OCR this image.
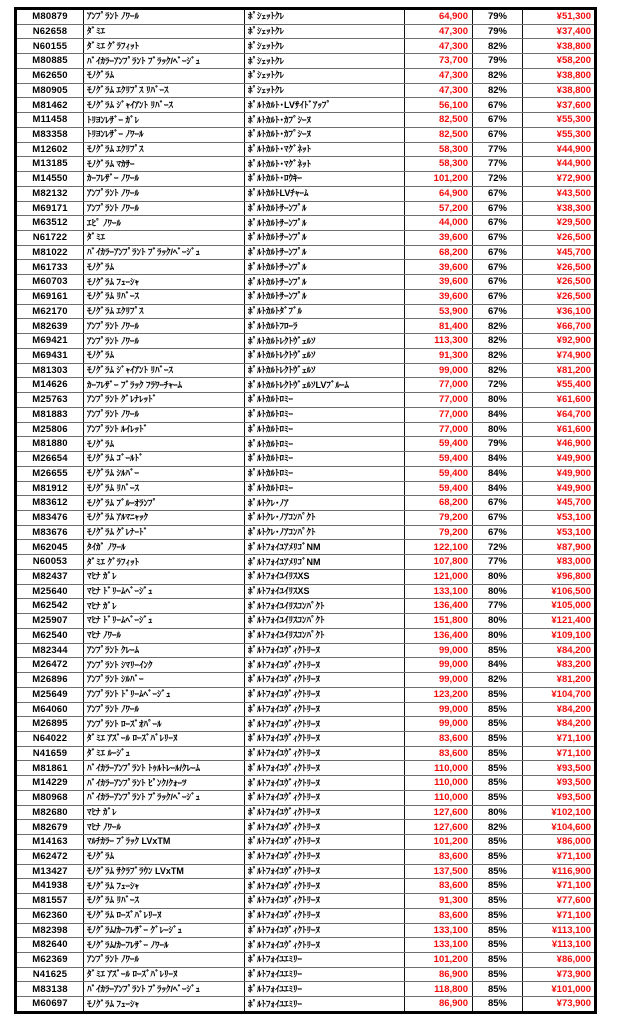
M80879	ｱﾝﾌﾟﾗﾝﾄ ﾉﾜｰﾙ	ﾎﾟｼｪｯﾄｸﾚ	64,900	79%	¥51,300
N62658	ﾀﾞﾐｴ	ﾎﾟｼｪｯﾄｸﾚ	47,300	79%	¥37,400
N60155	ﾀﾞﾐｴ ｸﾞﾗﾌｨｯﾄ	ﾎﾟｼｪｯﾄｸﾚ	47,300	82%	¥38,800
M80885	ﾊﾞｲｶﾗｰｱﾝﾌﾟﾗﾝﾄ ﾌﾞﾗｯｸ/ﾍﾞｰｼﾞｭ	ﾎﾟｼｪｯﾄｸﾚ	73,700	79%	¥58,200
M62650	ﾓﾉｸﾞﾗﾑ	ﾎﾟｼｪｯﾄｸﾚ	47,300	82%	¥38,800
M80905	ﾓﾉｸﾞﾗﾑ ｴｸﾘﾌﾟｽ ﾘﾊﾞｰｽ	ﾎﾟｼｪｯﾄｸﾚ	47,300	82%	¥38,800
M81462	ﾓﾉｸﾞﾗﾑ ｼﾞｬｲｱﾝﾄ ﾘﾊﾞｰｽ	ﾎﾟﾙﾄｶﾙﾄ･LVｻｲﾄﾞｱｯﾌﾟ	56,100	67%	¥37,600
M11458	ﾄﾘﾖﾝﾚｻﾞｰ ｶﾞﾚ	ﾎﾟﾙﾄｶﾙﾄ･ｶﾌﾟｼｰﾇ	82,500	67%	¥55,300
M83358	ﾄﾘﾖﾝﾚｻﾞｰ ﾉﾜｰﾙ	ﾎﾟﾙﾄｶﾙﾄ･ｶﾌﾟｼｰﾇ	82,500	67%	¥55,300
M12602	ﾓﾉｸﾞﾗﾑ ｴｸﾘﾌﾟｽ	ﾎﾟﾙﾄｶﾙﾄ･ﾏｸﾞﾈｯﾄ	58,300	77%	¥44,900
M13185	ﾓﾉｸﾞﾗﾑ ﾏｶｻｰ	ﾎﾟﾙﾄｶﾙﾄ･ﾏｸﾞﾈｯﾄ	58,300	77%	¥44,900
M14550	ｶｰﾌﾚｻﾞｰ ﾉﾜｰﾙ	ﾎﾟﾙﾄｶﾙﾄ･ﾛｳｷｰ	101,200	72%	¥72,900
M82132	ｱﾝﾌﾟﾗﾝﾄ ﾉﾜｰﾙ	ﾎﾟﾙﾄｶﾙﾄLVﾁｬｰﾑ	64,900	67%	¥43,500
M69171	ｱﾝﾌﾟﾗﾝﾄ ﾉﾜｰﾙ	ﾎﾟﾙﾄｶﾙﾄｻｰﾝﾌﾟﾙ	57,200	67%	¥38,300
M63512	ｴﾋﾟ ﾉﾜｰﾙ	ﾎﾟﾙﾄｶﾙﾄｻｰﾝﾌﾟﾙ	44,000	67%	¥29,500
N61722	ﾀﾞﾐｴ	ﾎﾟﾙﾄｶﾙﾄｻｰﾝﾌﾟﾙ	39,600	67%	¥26,500
M81022	ﾊﾞｲｶﾗｰｱﾝﾌﾟﾗﾝﾄ ﾌﾞﾗｯｸ/ﾍﾞｰｼﾞｭ	ﾎﾟﾙﾄｶﾙﾄｻｰﾝﾌﾟﾙ	68,200	67%	¥45,700
M61733	ﾓﾉｸﾞﾗﾑ	ﾎﾟﾙﾄｶﾙﾄｻｰﾝﾌﾟﾙ	39,600	67%	¥26,500
M60703	ﾓﾉｸﾞﾗﾑ ﾌｭｰｼｬ	ﾎﾟﾙﾄｶﾙﾄｻｰﾝﾌﾟﾙ	39,600	67%	¥26,500
M69161	ﾓﾉｸﾞﾗﾑ ﾘﾊﾞｰｽ	ﾎﾟﾙﾄｶﾙﾄｻｰﾝﾌﾟﾙ	39,600	67%	¥26,500
M62170	ﾓﾉｸﾞﾗﾑ ｴｸﾘﾌﾟｽ	ﾎﾟﾙﾄｶﾙﾄﾀﾞﾌﾞﾙ	53,900	67%	¥36,100
M82639	ｱﾝﾌﾟﾗﾝﾄ ﾉﾜｰﾙ	ﾎﾟﾙﾄｶﾙﾄﾌﾛｰﾗ	81,400	82%	¥66,700
M69421	ｱﾝﾌﾟﾗﾝﾄ ﾉﾜｰﾙ	ﾎﾟﾙﾄｶﾙﾄﾚｸﾄｳﾞｪﾙｿ	113,300	82%	¥92,900
M69431	ﾓﾉｸﾞﾗﾑ	ﾎﾟﾙﾄｶﾙﾄﾚｸﾄｳﾞｪﾙｿ	91,300	82%	¥74,900
M81303	ﾓﾉｸﾞﾗﾑ ｼﾞｬｲｱﾝﾄ ﾘﾊﾞｰｽ	ﾎﾟﾙﾄｶﾙﾄﾚｸﾄｳﾞｪﾙｿ	99,000	82%	¥81,200
M14626	ｶｰﾌﾚｻﾞｰ ﾌﾞﾗｯｸ ﾌﾗﾜｰﾁｬｰﾑ	ﾎﾟﾙﾄｶﾙﾄﾚｸﾄｳﾞｪﾙｿLVﾌﾞﾙｰﾑ	77,000	72%	¥55,400
M25763	ｱﾝﾌﾟﾗﾝﾄ ｸﾞﾚﾅﾚｯﾄﾞ	ﾎﾟﾙﾄｶﾙﾄﾛﾐｰ	77,000	80%	¥61,600
M81883	ｱﾝﾌﾟﾗﾝﾄ ﾉﾜｰﾙ	ﾎﾟﾙﾄｶﾙﾄﾛﾐｰ	77,000	84%	¥64,700
M25806	ｱﾝﾌﾟﾗﾝﾄ ﾙｲﾚｯﾄﾞ	ﾎﾟﾙﾄｶﾙﾄﾛﾐｰ	77,000	80%	¥61,600
M81880	ﾓﾉｸﾞﾗﾑ	ﾎﾟﾙﾄｶﾙﾄﾛﾐｰ	59,400	79%	¥46,900
M26654	ﾓﾉｸﾞﾗﾑ ｺﾞｰﾙﾄﾞ	ﾎﾟﾙﾄｶﾙﾄﾛﾐｰ	59,400	84%	¥49,900
M26655	ﾓﾉｸﾞﾗﾑ ｼﾙﾊﾞｰ	ﾎﾟﾙﾄｶﾙﾄﾛﾐｰ	59,400	84%	¥49,900
M81912	ﾓﾉｸﾞﾗﾑ ﾘﾊﾞｰｽ	ﾎﾟﾙﾄｶﾙﾄﾛﾐｰ	59,400	84%	¥49,900
M83612	ﾓﾉｸﾞﾗﾑ ﾌﾞﾙｰｵﾗﾝﾌﾟ	ﾎﾟﾙﾄｸﾚ･ﾉｱ	68,200	67%	¥45,700
M83476	ﾓﾉｸﾞﾗﾑ ｱﾙﾏﾆｬｯｸ	ﾎﾟﾙﾄｸﾚ･ﾉｱｺﾝﾊﾟｸﾄ	79,200	67%	¥53,100
M83676	ﾓﾉｸﾞﾗﾑ ｸﾞﾚﾅｰﾄﾞ	ﾎﾟﾙﾄｸﾚ･ﾉｱｺﾝﾊﾟｸﾄ	79,200	67%	¥53,100
M62045	ﾀｲｶﾞ ﾉﾜｰﾙ	ﾎﾟﾙﾄﾌｫｲﾕｱﾒﾘｺﾞNM	122,100	72%	¥87,900
N60053	ﾀﾞﾐｴ ｸﾞﾗﾌｨｯﾄ	ﾎﾟﾙﾄﾌｫｲﾕｱﾒﾘｺﾞNM	107,800	77%	¥83,000
M82437	ﾏﾋﾅ ｶﾞﾚ	ﾎﾟﾙﾄﾌｫｲﾕｲﾘｽXS	121,000	80%	¥96,800
M25640	ﾏﾋﾅ ﾄﾞﾘｰﾑﾍﾞｰｼﾞｭ	ﾎﾟﾙﾄﾌｫｲﾕｲﾘｽXS	133,100	80%	¥106,500
M62542	ﾏﾋﾅ ｶﾞﾚ	ﾎﾟﾙﾄﾌｫｲﾕｲﾘｽｺﾝﾊﾟｸﾄ	136,400	77%	¥105,000
M25907	ﾏﾋﾅ ﾄﾞﾘｰﾑﾍﾞｰｼﾞｭ	ﾎﾟﾙﾄﾌｫｲﾕｲﾘｽｺﾝﾊﾟｸﾄ	151,800	80%	¥121,400
M62540	ﾏﾋﾅ ﾉﾜｰﾙ	ﾎﾟﾙﾄﾌｫｲﾕｲﾘｽｺﾝﾊﾟｸﾄ	136,400	80%	¥109,100
M82344	ｱﾝﾌﾟﾗﾝﾄ ｸﾚｰﾑ	ﾎﾟﾙﾄﾌｫｲﾕｳﾞｨｸﾄﾘｰﾇ	99,000	85%	¥84,200
M26472	ｱﾝﾌﾟﾗﾝﾄ ｼﾏﾘｰｲﾝｸ	ﾎﾟﾙﾄﾌｫｲﾕｳﾞｨｸﾄﾘｰﾇ	99,000	84%	¥83,200
M26896	ｱﾝﾌﾟﾗﾝﾄ ｼﾙﾊﾞｰ	ﾎﾟﾙﾄﾌｫｲﾕｳﾞｨｸﾄﾘｰﾇ	99,000	82%	¥81,200
M25649	ｱﾝﾌﾟﾗﾝﾄ ﾄﾞﾘｰﾑﾍﾞｰｼﾞｭ	ﾎﾟﾙﾄﾌｫｲﾕｳﾞｨｸﾄﾘｰﾇ	123,200	85%	¥104,700
M64060	ｱﾝﾌﾟﾗﾝﾄ ﾉﾜｰﾙ	ﾎﾟﾙﾄﾌｫｲﾕｳﾞｨｸﾄﾘｰﾇ	99,000	85%	¥84,200
M26895	ｱﾝﾌﾟﾗﾝﾄ ﾛｰｽﾞｵﾊﾟｰﾙ	ﾎﾟﾙﾄﾌｫｲﾕｳﾞｨｸﾄﾘｰﾇ	99,000	85%	¥84,200
N64022	ﾀﾞﾐｴ ｱｽﾞｰﾙ ﾛｰｽﾞﾊﾞﾚﾘｰﾇ	ﾎﾟﾙﾄﾌｫｲﾕｳﾞｨｸﾄﾘｰﾇ	83,600	85%	¥71,100
N41659	ﾀﾞﾐｴ ﾙｰｼﾞｭ	ﾎﾟﾙﾄﾌｫｲﾕｳﾞｨｸﾄﾘｰﾇ	83,600	85%	¥71,100
M81861	ﾊﾞｲｶﾗｰｱﾝﾌﾟﾗﾝﾄ ﾄｩﾙﾄﾚｰﾙ/ｸﾚｰﾑ	ﾎﾟﾙﾄﾌｫｲﾕｳﾞｨｸﾄﾘｰﾇ	110,000	85%	¥93,500
M14229	ﾊﾞｲｶﾗｰｱﾝﾌﾟﾗﾝﾄ ﾋﾟﾝｸ/ｸｫｰﾂ	ﾎﾟﾙﾄﾌｫｲﾕｳﾞｨｸﾄﾘｰﾇ	110,000	85%	¥93,500
M80968	ﾊﾞｲｶﾗｰｱﾝﾌﾟﾗﾝﾄ ﾌﾞﾗｯｸ/ﾍﾞｰｼﾞｭ	ﾎﾟﾙﾄﾌｫｲﾕｳﾞｨｸﾄﾘｰﾇ	110,000	85%	¥93,500
M82680	ﾏﾋﾅ ｶﾞﾚ	ﾎﾟﾙﾄﾌｫｲﾕｳﾞｨｸﾄﾘｰﾇ	127,600	80%	¥102,100
M82679	ﾏﾋﾅ ﾉﾜｰﾙ	ﾎﾟﾙﾄﾌｫｲﾕｳﾞｨｸﾄﾘｰﾇ	127,600	82%	¥104,600
M14163	ﾏﾙﾁｶﾗｰ ﾌﾞﾗｯｸ LVxTM	ﾎﾟﾙﾄﾌｫｲﾕｳﾞｨｸﾄﾘｰﾇ	101,200	85%	¥86,000
M62472	ﾓﾉｸﾞﾗﾑ	ﾎﾟﾙﾄﾌｫｲﾕｳﾞｨｸﾄﾘｰﾇ	83,600	85%	¥71,100
M13427	ﾓﾉｸﾞﾗﾑ ｻｸﾗﾌﾞﾗｳﾝ LVxTM	ﾎﾟﾙﾄﾌｫｲﾕｳﾞｨｸﾄﾘｰﾇ	137,500	85%	¥116,900
M41938	ﾓﾉｸﾞﾗﾑ ﾌｭｰｼｬ	ﾎﾟﾙﾄﾌｫｲﾕｳﾞｨｸﾄﾘｰﾇ	83,600	85%	¥71,100
M81557	ﾓﾉｸﾞﾗﾑ ﾘﾊﾞｰｽ	ﾎﾟﾙﾄﾌｫｲﾕｳﾞｨｸﾄﾘｰﾇ	91,300	85%	¥77,600
M62360	ﾓﾉｸﾞﾗﾑ ﾛｰｽﾞﾊﾞﾚﾘｰﾇ	ﾎﾟﾙﾄﾌｫｲﾕｳﾞｨｸﾄﾘｰﾇ	83,600	85%	¥71,100
M82398	ﾓﾉｸﾞﾗﾑ/ｶｰﾌﾚｻﾞｰ ｸﾞﾚｰｼﾞｭ	ﾎﾟﾙﾄﾌｫｲﾕｳﾞｨｸﾄﾘｰﾇ	133,100	85%	¥113,100
M82640	ﾓﾉｸﾞﾗﾑ/ｶｰﾌﾚｻﾞｰ ﾉﾜｰﾙ	ﾎﾟﾙﾄﾌｫｲﾕｳﾞｨｸﾄﾘｰﾇ	133,100	85%	¥113,100
M62369	ｱﾝﾌﾟﾗﾝﾄ ﾉﾜｰﾙ	ﾎﾟﾙﾄﾌｫｲﾕｴﾐﾘｰ	101,200	85%	¥86,000
N41625	ﾀﾞﾐｴ ｱｽﾞｰﾙ ﾛｰｽﾞﾊﾞﾚﾘｰﾇ	ﾎﾟﾙﾄﾌｫｲﾕｴﾐﾘｰ	86,900	85%	¥73,900
M83138	ﾊﾞｲｶﾗｰｱﾝﾌﾟﾗﾝﾄ ﾌﾞﾗｯｸ/ﾍﾞｰｼﾞｭ	ﾎﾟﾙﾄﾌｫｲﾕｴﾐﾘｰ	118,800	85%	¥101,000
M60697	ﾓﾉｸﾞﾗﾑ ﾌｭｰｼｬ	ﾎﾟﾙﾄﾌｫｲﾕｴﾐﾘｰ	86,900	85%	¥73,900
